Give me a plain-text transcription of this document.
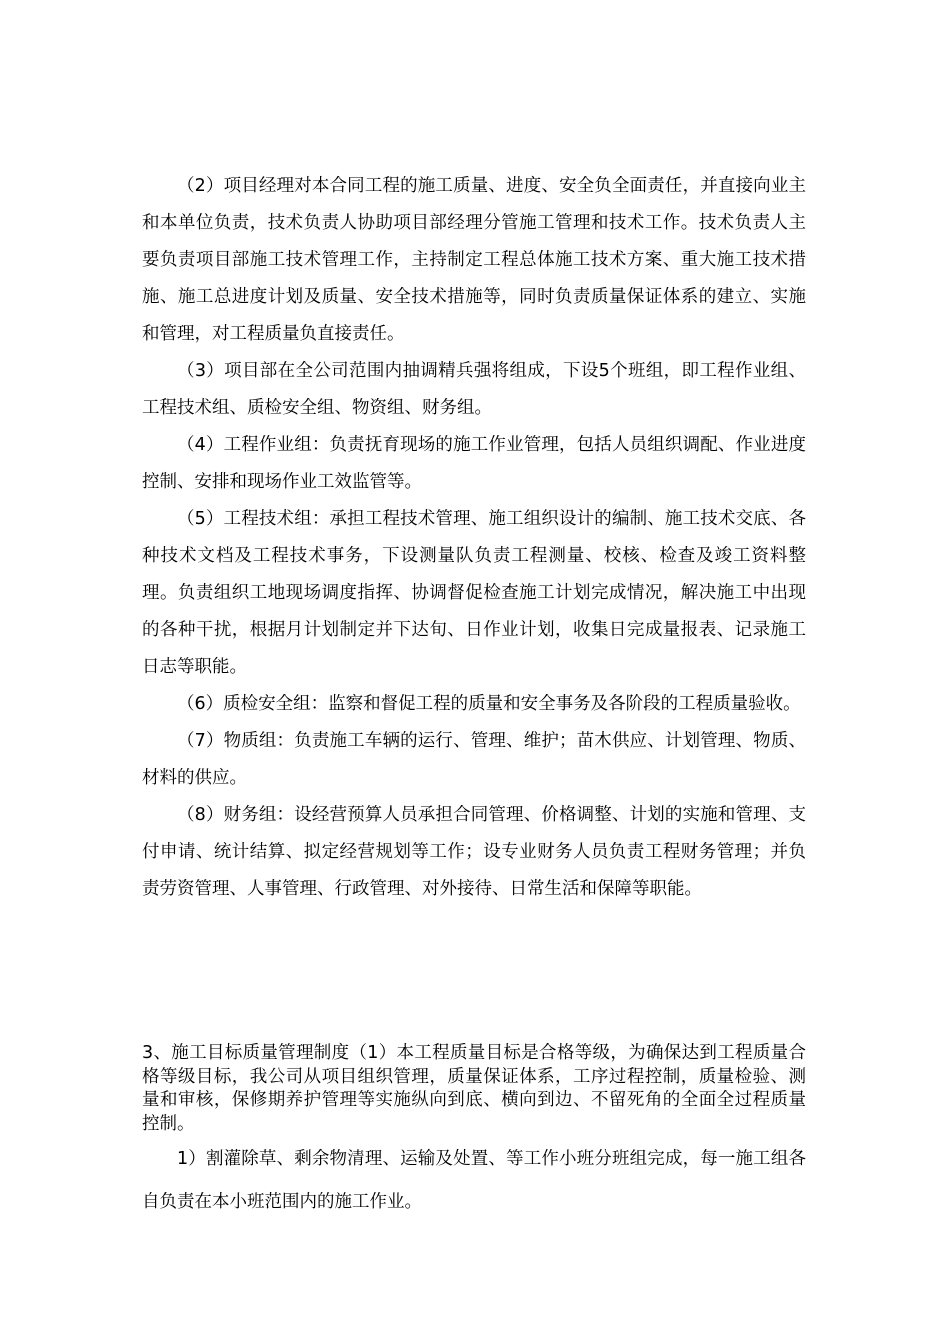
（2）项目经理对本合同工程的施工质量、进度、安全负全面责任，并直接向业主和本单位负责，技术负责人协助项目部经理分管施工管理和技术工作。技术负责人主要负责项目部施工技术管理工作，主持制定工程总体施工技术方案、重大施工技术措施、施工总进度计划及质量、安全技术措施等，同时负责质量保证体系的建立、实施和管理，对工程质量负直接责任。

（3）项目部在全公司范围内抽调精兵强将组成，下设5个班组，即工程作业组、工程技术组、质检安全组、物资组、财务组。

（4）工程作业组：负责抚育现场的施工作业管理，包括人员组织调配、作业进度控制、安排和现场作业工效监管等。

（5）工程技术组：承担工程技术管理、施工组织设计的编制、施工技术交底、各种技术文档及工程技术事务，下设测量队负责工程测量、校核、检查及竣工资料整理。负责组织工地现场调度指挥、协调督促检查施工计划完成情况，解决施工中出现的各种干扰，根据月计划制定并下达旬、日作业计划，收集日完成量报表、记录施工日志等职能。

（6）质检安全组：监察和督促工程的质量和安全事务及各阶段的工程质量验收。

（7）物质组：负责施工车辆的运行、管理、维护；苗木供应、计划管理、物质、材料的供应。

（8）财务组：设经营预算人员承担合同管理、价格调整、计划的实施和管理、支付申请、统计结算、拟定经营规划等工作；设专业财务人员负责工程财务管理；并负责劳资管理、人事管理、行政管理、对外接待、日常生活和保障等职能。

3、施工目标质量管理制度（1）本工程质量目标是合格等级，为确保达到工程质量合格等级目标，我公司从项目组织管理，质量保证体系，工序过程控制，质量检验、测量和审核，保修期养护管理等实施纵向到底、横向到边、不留死角的全面全过程质量控制。

1）割灌除草、剩余物清理、运输及处置、等工作小班分班组完成，每一施工组各自负责在本小班范围内的施工作业。
